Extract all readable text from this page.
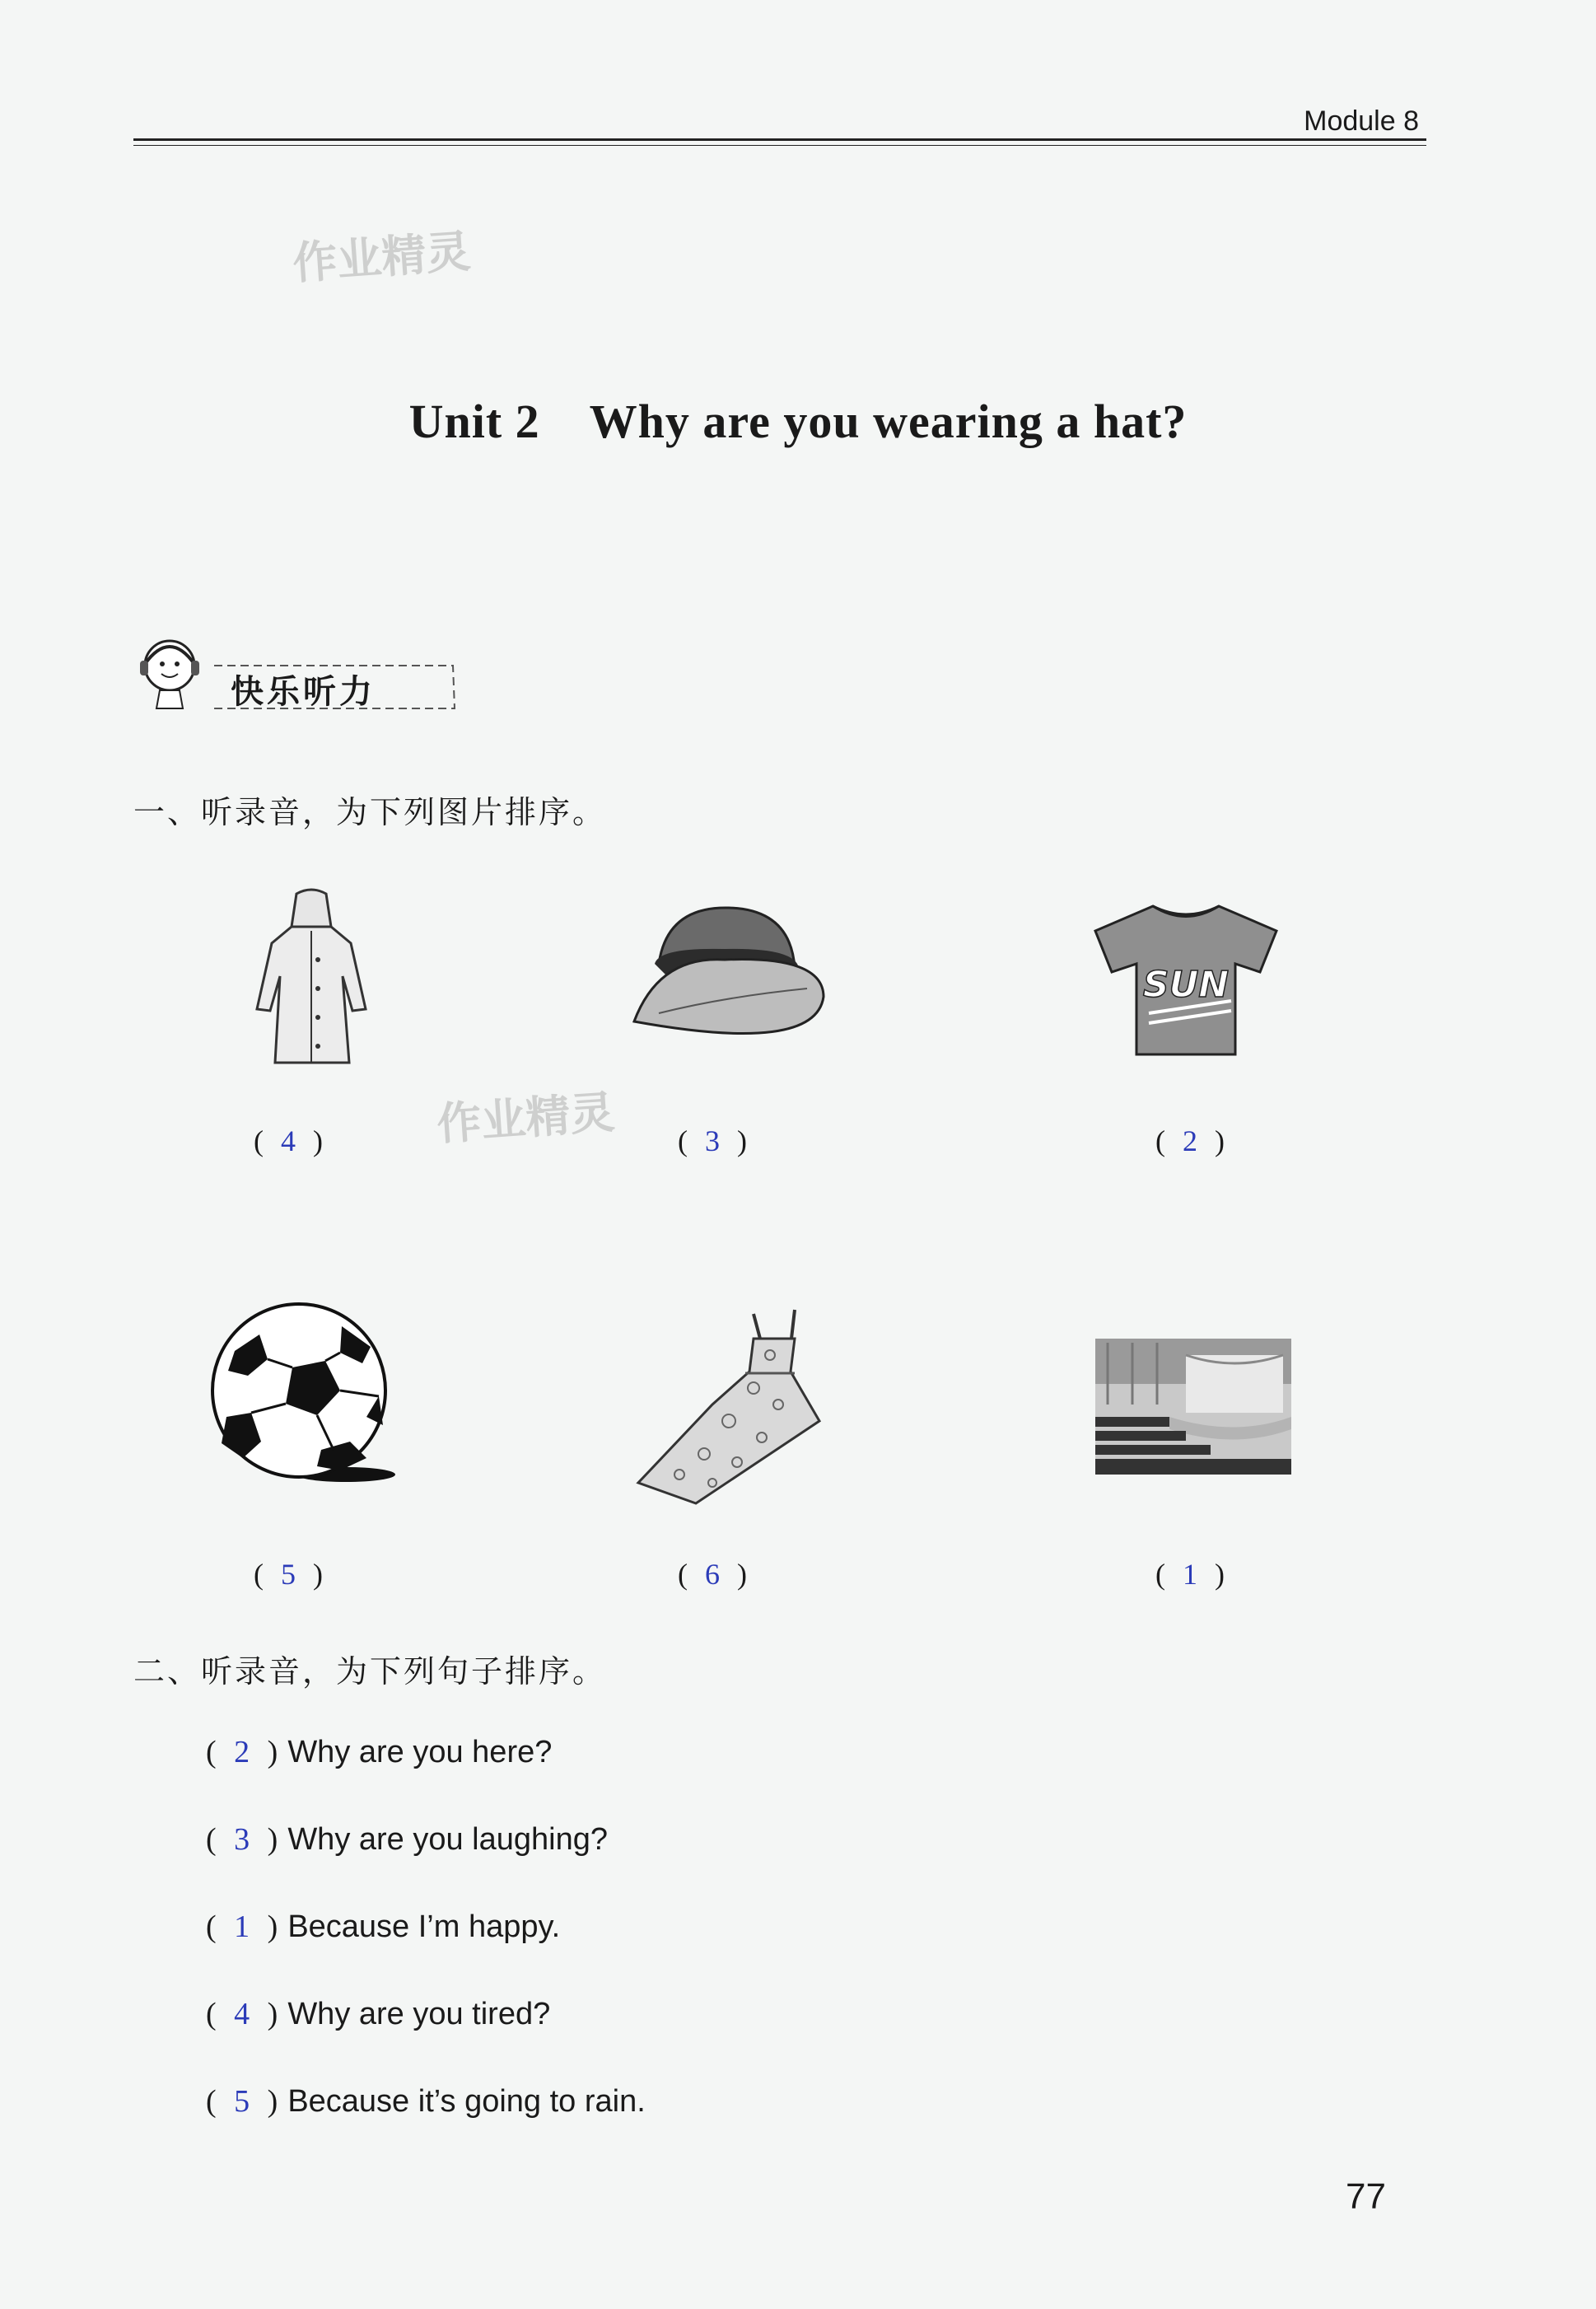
Module 8
作业精灵
作业精灵
Unit 2 Why are you wearing a hat?
快乐听力
一、听录音，为下列图片排序。
( 4 )	( 3 )
SUN
( 2 )
( 5 )	( 6 )	( 1 )
二、听录音，为下列句子排序。
( 2 ) Why are you here?
( 3 ) Why are you laughing?
( 1 ) Because I’m happy.
( 4 ) Why are you tired?
( 5 ) Because it’s going to rain.
77
